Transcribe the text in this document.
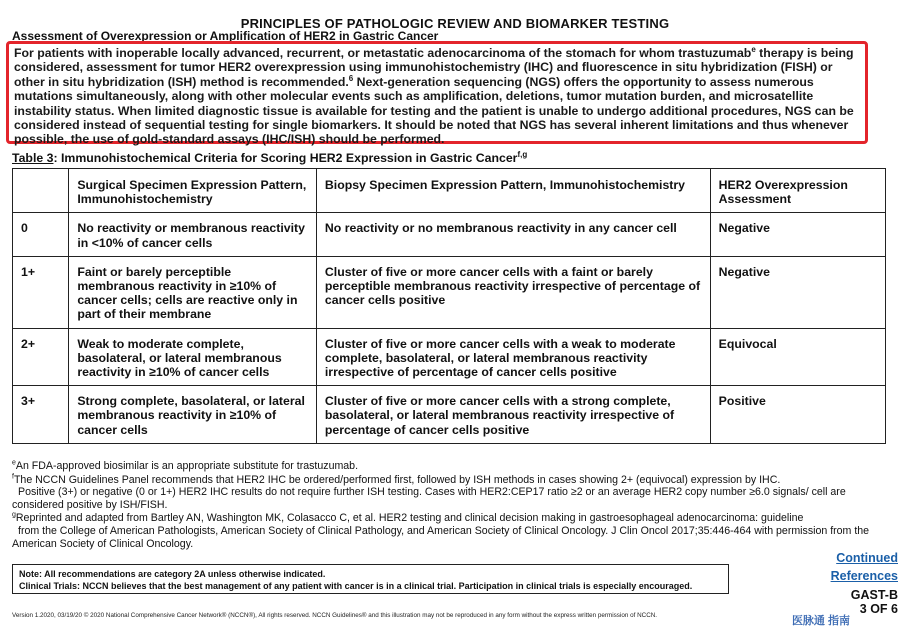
PRINCIPLES OF PATHOLOGIC REVIEW AND BIOMARKER TESTING
Assessment of Overexpression or Amplification of HER2 in Gastric Cancer
For patients with inoperable locally advanced, recurrent, or metastatic adenocarcinoma of the stomach for whom trastuzumab$^e$ therapy is being considered, assessment for tumor HER2 overexpression using immunohistochemistry (IHC) and fluorescence in situ hybridization (FISH) or other in situ hybridization (ISH) method is recommended.$^6$ Next-generation sequencing (NGS) offers the opportunity to assess numerous mutations simultaneously, along with other molecular events such as amplification, deletions, tumor mutation burden, and microsatellite instability status. When limited diagnostic tissue is available for testing and the patient is unable to undergo additional procedures, NGS can be considered instead of sequential testing for single biomarkers. It should be noted that NGS has several inherent limitations and thus whenever possible, the use of gold-standard assays (IHC/ISH) should be performed.
Table 3: Immunohistochemical Criteria for Scoring HER2 Expression in Gastric Cancer$^{f,g}$
	Surgical Specimen Expression Pattern, Immunohistochemistry	Biopsy Specimen Expression Pattern, Immunohistochemistry	HER2 Overexpression Assessment
0	No reactivity or membranous reactivity in <10% of cancer cells	No reactivity or no membranous reactivity in any cancer cell	Negative
1+	Faint or barely perceptible membranous reactivity in ≥10% of cancer cells; cells are reactive only in part of their membrane	Cluster of five or more cancer cells with a faint or barely perceptible membranous reactivity irrespective of percentage of cancer cells positive	Negative
2+	Weak to moderate complete, basolateral, or lateral membranous reactivity in ≥10% of cancer cells	Cluster of five or more cancer cells with a weak to moderate complete, basolateral, or lateral membranous reactivity irrespective of percentage of cancer cells positive	Equivocal
3+	Strong complete, basolateral, or lateral membranous reactivity in ≥10% of cancer cells	Cluster of five or more cancer cells with a strong complete, basolateral, or lateral membranous reactivity irrespective of percentage of cancer cells positive	Positive
$^e$An FDA-approved biosimilar is an appropriate substitute for trastuzumab.
$^f$The NCCN Guidelines Panel recommends that HER2 IHC be ordered/performed first, followed by ISH methods in cases showing 2+ (equivocal) expression by IHC.
Positive (3+) or negative (0 or 1+) HER2 IHC results do not require further ISH testing. Cases with HER2:CEP17 ratio ≥2 or an average HER2 copy number ≥6.0 signals/ cell are considered positive by ISH/FISH.
$^g$Reprinted and adapted from Bartley AN, Washington MK, Colasacco C, et al. HER2 testing and clinical decision making in gastroesophageal adenocarcinoma: guideline
from the College of American Pathologists, American Society of Clinical Pathology, and American Society of Clinical Oncology. J Clin Oncol 2017;35:446-464 with permission from the American Society of Clinical Oncology.
Note: All recommendations are category 2A unless otherwise indicated.
Clinical Trials: NCCN believes that the best management of any patient with cancer is in a clinical trial. Participation in clinical trials is especially encouraged.
Continued
References
GAST-B
3 OF 6
Version 1.2020, 03/19/20 © 2020 National Comprehensive Cancer Network® (NCCN®), All rights reserved. NCCN Guidelines® and this illustration may not be reproduced in any form without the express written permission of NCCN.	医脉通 指南
